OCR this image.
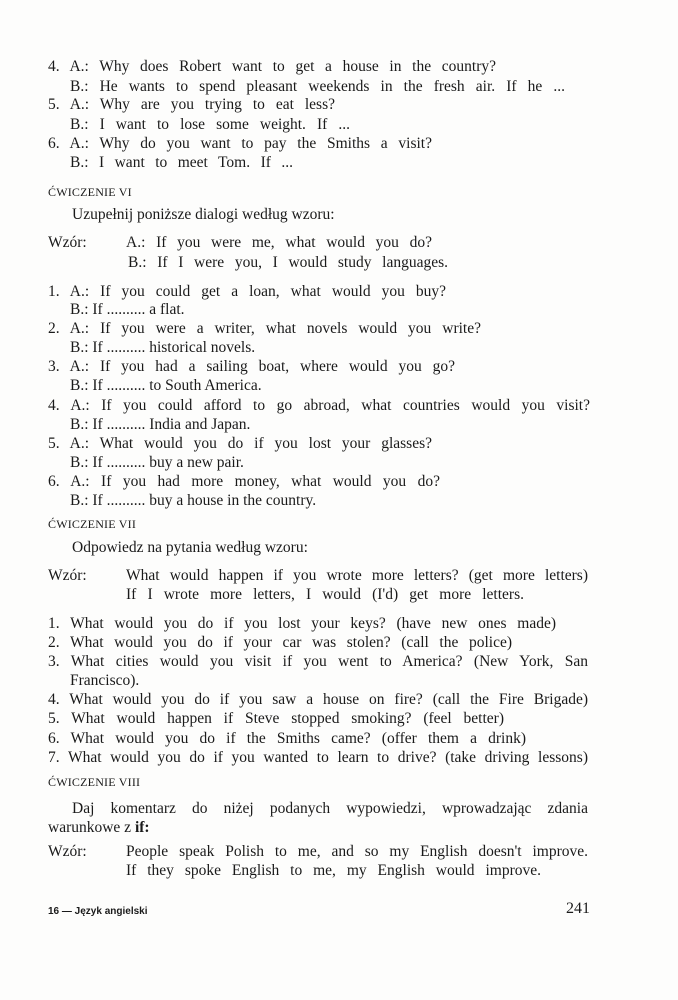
4. A.: Why does Robert want to get a house in the country?
B.: He wants to spend pleasant weekends in the fresh air. If he ...
5. A.: Why are you trying to eat less?
B.: I want to lose some weight. If ...
6. A.: Why do you want to pay the Smiths a visit?
B.: I want to meet Tom. If ...
ĆWICZENIE VI
Uzupełnij poniższe dialogi według wzoru:
Wzór:	A.: If you were me, what would you do?
B.: If I were you, I would study languages.
1. A.: If you could get a loan, what would you buy?
B.: If .......... a flat.
2. A.: If you were a writer, what novels would you write?
B.: If .......... historical novels.
3. A.: If you had a sailing boat, where would you go?
B.: If .......... to South America.
4. A.: If you could afford to go abroad, what countries would you visit?
B.: If .......... India and Japan.
5. A.: What would you do if you lost your glasses?
B.: If .......... buy a new pair.
6. A.: If you had more money, what would you do?
B.: If .......... buy a house in the country.
ĆWICZENIE VII
Odpowiedz na pytania według wzoru:
Wzór:	What would happen if you wrote more letters? (get more letters)
If I wrote more letters, I would (I'd) get more letters.
1. What would you do if you lost your keys? (have new ones made)
2. What would you do if your car was stolen? (call the police)
3. What cities would you visit if you went to America? (New York, San
Francisco).
4. What would you do if you saw a house on fire? (call the Fire Brigade)
5. What would happen if Steve stopped smoking? (feel better)
6. What would you do if the Smiths came? (offer them a drink)
7. What would you do if you wanted to learn to drive? (take driving lessons)
ĆWICZENIE VIII
Daj komentarz do niżej podanych wypowiedzi, wprowadzając zdania
warunkowe z if:
Wzór:	People speak Polish to me, and so my English doesn't improve.
If they spoke English to me, my English would improve.
16 — Język angielski	241
